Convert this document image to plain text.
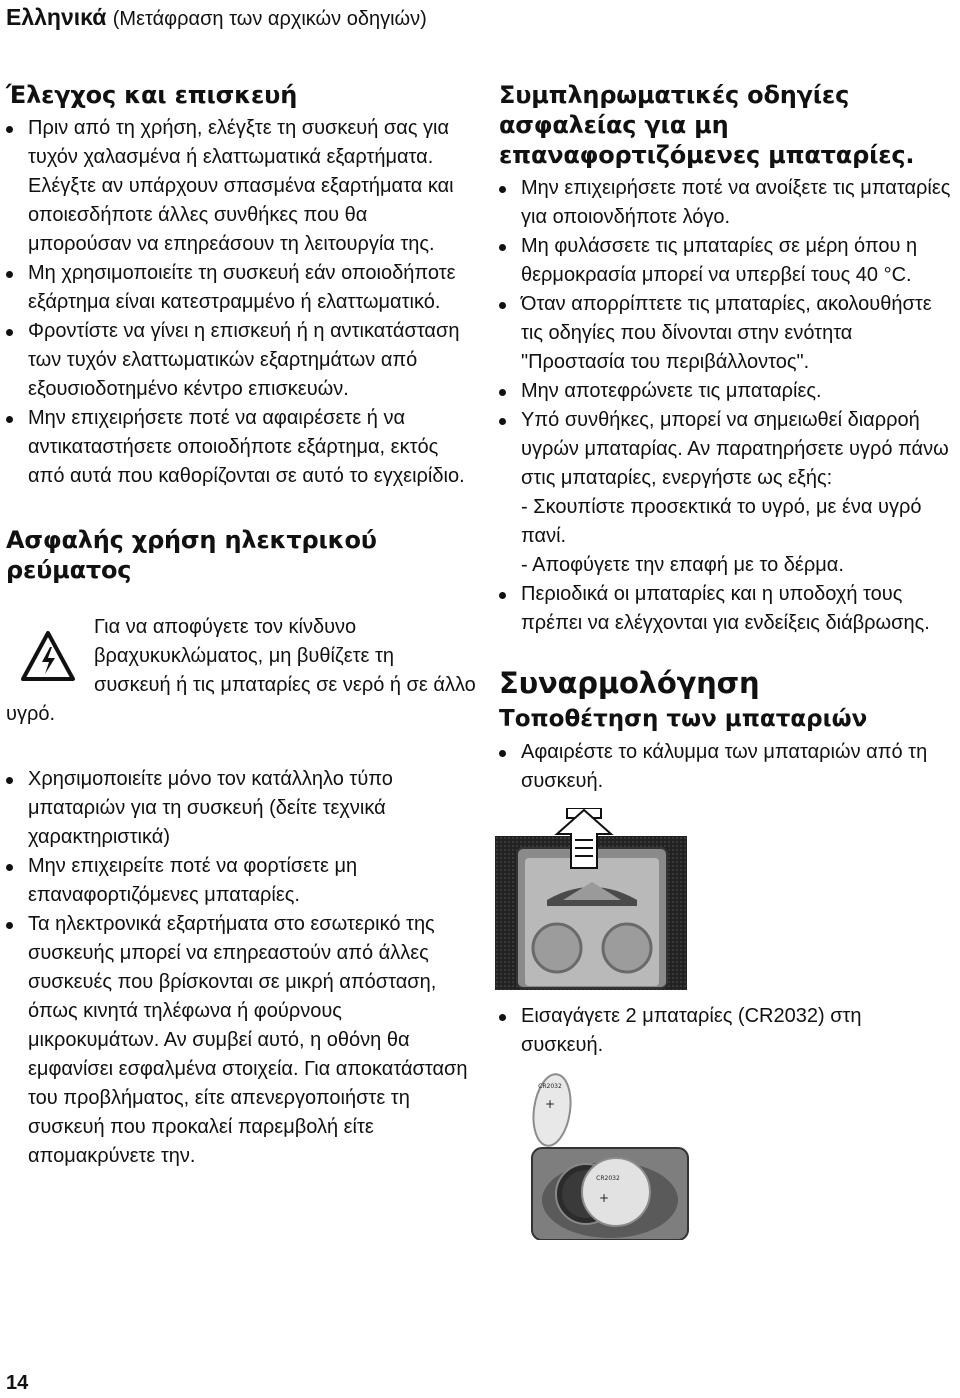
Ελληνικά (Μετάφραση των αρχικών οδηγιών)
Έλεγχος και επισκευή
Πριν από τη χρήση, ελέγξτε τη συσκευή σας για τυχόν χαλασμένα ή ελαττωματικά εξαρτήματα. Ελέγξτε αν υπάρχουν σπασμένα εξαρτήματα και οποιεσδήποτε άλλες συνθήκες που θα μπορούσαν να επηρεάσουν τη λειτουργία της.
Μη χρησιμοποιείτε τη συσκευή εάν οποιοδήποτε εξάρτημα είναι κατεστραμμένο ή ελαττωματικό.
Φροντίστε να γίνει η επισκευή ή η αντικατάσταση των τυχόν ελαττωματικών εξαρτημάτων από εξουσιοδοτημένο κέντρο επισκευών.
Μην επιχειρήσετε ποτέ να αφαιρέσετε ή να αντικαταστήσετε οποιοδήποτε εξάρτημα, εκτός από αυτά που καθορίζονται σε αυτό το εγχειρίδιο.
Ασφαλής χρήση ηλεκτρικού ρεύματος
Για να αποφύγετε τον κίνδυνο βραχυκυκλώματος, μη βυθίζετε τη συσκευή ή τις μπαταρίες σε νερό ή σε άλλο υγρό.
Χρησιμοποιείτε μόνο τον κατάλληλο τύπο μπαταριών για τη συσκευή (δείτε τεχνικά χαρακτηριστικά)
Μην επιχειρείτε ποτέ να φορτίσετε μη επαναφορτιζόμενες μπαταρίες.
Τα ηλεκτρονικά εξαρτήματα στο εσωτερικό της συσκευής μπορεί να επηρεαστούν από άλλες συσκευές που βρίσκονται σε μικρή απόσταση, όπως κινητά τηλέφωνα ή φούρνους μικροκυμάτων. Αν συμβεί αυτό, η οθόνη θα εμφανίσει εσφαλμένα στοιχεία. Για αποκατάσταση του προβλήματος, είτε απενεργοποιήστε τη συσκευή που προκαλεί παρεμβολή είτε απομακρύνετε την.
Συμπληρωματικές οδηγίες ασφαλείας για μη επαναφορτιζόμενες μπαταρίες.
Μην επιχειρήσετε ποτέ να ανοίξετε τις μπαταρίες για οποιονδήποτε λόγο.
Μη φυλάσσετε τις μπαταρίες σε μέρη όπου η θερμοκρασία μπορεί να υπερβεί τους 40 °C.
Όταν απορρίπτετε τις μπαταρίες, ακολουθήστε τις οδηγίες που δίνονται στην ενότητα "Προστασία του περιβάλλοντος".
Μην αποτεφρώνετε τις μπαταρίες.
Υπό συνθήκες, μπορεί να σημειωθεί διαρροή υγρών μπαταρίας. Αν παρατηρήσετε υγρό πάνω στις μπαταρίες, ενεργήστε ως εξής:
- Σκουπίστε προσεκτικά το υγρό, με ένα υγρό πανί.
- Αποφύγετε την επαφή με το δέρμα.
Περιοδικά οι μπαταρίες και η υποδοχή τους πρέπει να ελέγχονται για ενδείξεις διάβρωσης.
Συναρμολόγηση
Τοποθέτηση των μπαταριών
Αφαιρέστε το κάλυμμα των μπαταριών από τη συσκευή.
Εισαγάγετε 2 μπαταρίες (CR2032) στη συσκευή.
CR2032
+
CR2032
+
14
